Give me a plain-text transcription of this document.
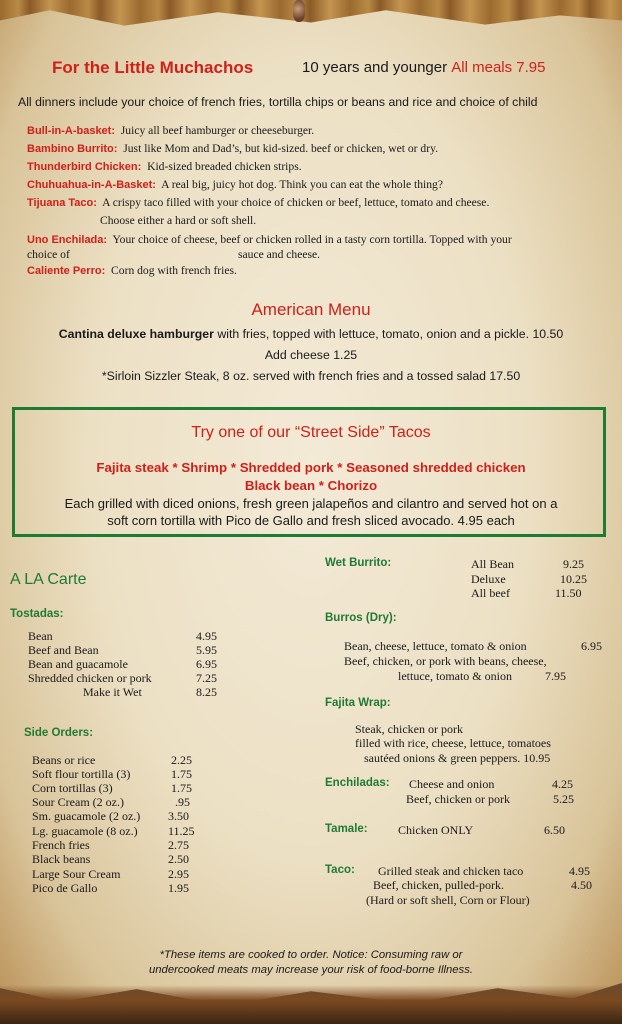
For the Little Muchachos	10 years and younger All meals 7.95
All dinners include your choice of french fries, tortilla chips or beans and rice and choice of child
Bull-in-A-basket: Juicy all beef hamburger or cheeseburger.
Bambino Burrito: Just like Mom and Dad’s, but kid-sized. beef or chicken, wet or dry.
Thunderbird Chicken: Kid-sized breaded chicken strips.
Chuhuahua-in-A-Basket: A real big, juicy hot dog. Think you can eat the whole thing?
Tijuana Taco: A crispy taco filled with your choice of chicken or beef, lettuce, tomato and cheese.
Choose either a hard or soft shell.
Uno Enchilada: Your choice of cheese, beef or chicken rolled in a tasty corn tortilla. Topped with your
choice of	sauce and cheese.
Caliente Perro: Corn dog with french fries.
American Menu
Cantina deluxe hamburger with fries, topped with lettuce, tomato, onion and a pickle. 10.50
Add cheese 1.25
*Sirloin Sizzler Steak, 8 oz. served with french fries and a tossed salad 17.50
Try one of our “Street Side” Tacos
Fajita steak * Shrimp * Shredded pork * Seasoned shredded chicken
Black bean * Chorizo
Each grilled with diced onions, fresh green jalapeños and cilantro and served hot on a
soft corn tortilla with Pico de Gallo and fresh sliced avocado. 4.95 each
A LA Carte
Tostadas:
Bean	4.95
Beef and Bean	5.95
Bean and guacamole	6.95
Shredded chicken or pork	7.25
Make it Wet	8.25
Side Orders:
Beans or rice	2.25
Soft flour tortilla (3)	1.75
Corn tortillas (3)	1.75
Sour Cream (2 oz.)	.95
Sm. guacamole (2 oz.) 3.50
Lg. guacamole (8 oz.)	11.25
French fries	2.75
Black beans	2.50
Large Sour Cream	2.95
Pico de Gallo	1.95
Wet Burrito:	All Bean	9.25
Deluxe	10.25
All beef	11.50
Burros (Dry):
Bean, cheese, lettuce, tomato & onion	6.95
Beef, chicken, or pork with beans, cheese,
lettuce, tomato & onion	7.95
Fajita Wrap:
Steak, chicken or pork
filled with rice, cheese, lettuce, tomatoes
sautéed onions & green peppers. 10.95
Enchiladas: Cheese and onion	4.25
Beef, chicken or pork	5.25
Tamale:	Chicken ONLY	6.50
Taco: Grilled steak and chicken taco	4.95
Beef, chicken, pulled-pork.	4.50
(Hard or soft shell, Corn or Flour)
*These items are cooked to order. Notice: Consuming raw or
undercooked meats may increase your risk of food-borne Illness.
